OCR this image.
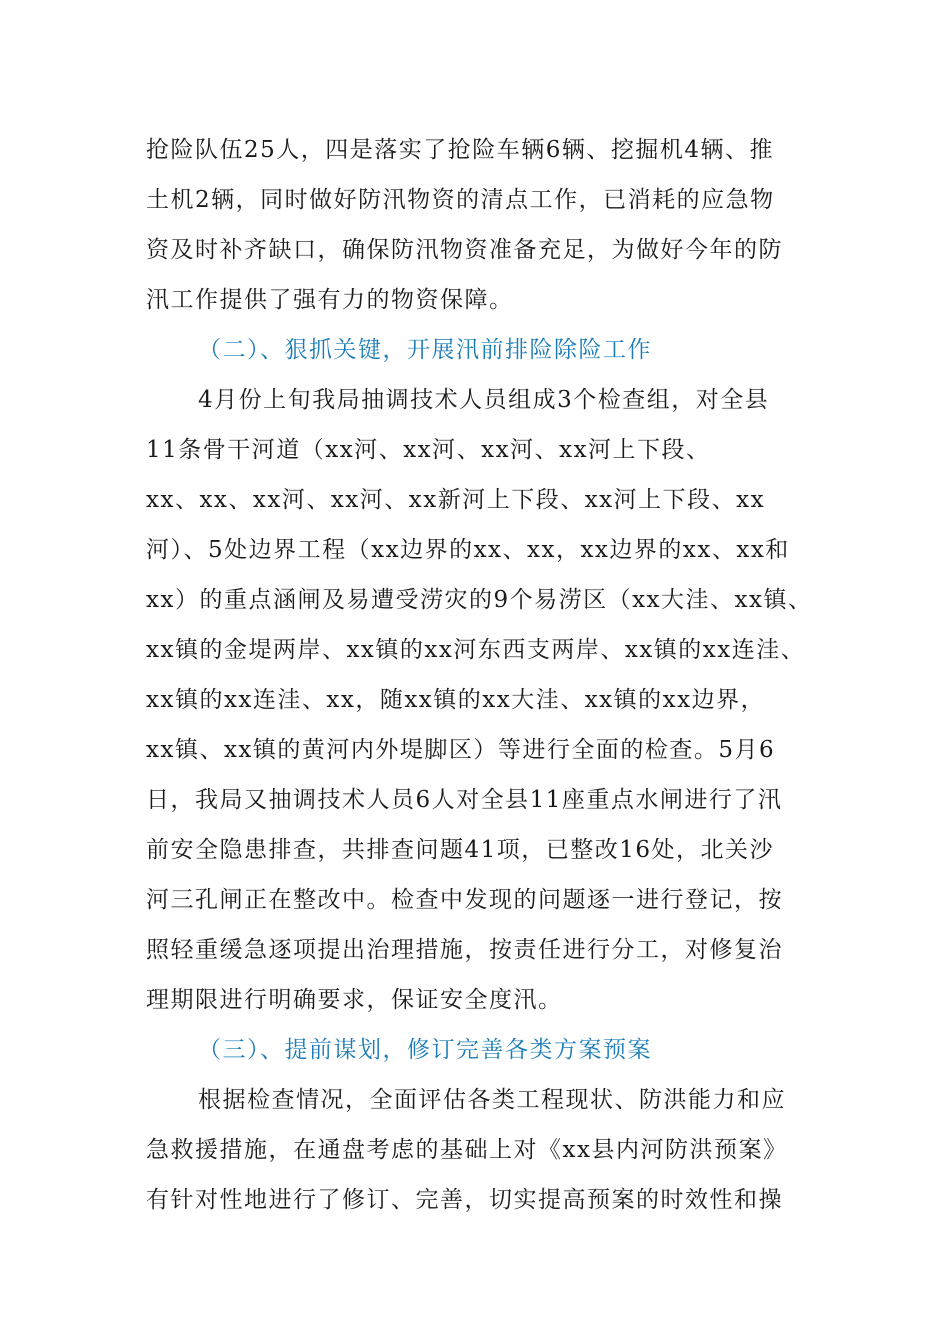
抢险队伍25人，四是落实了抢险车辆6辆、挖掘机4辆、推
土机2辆，同时做好防汛物资的清点工作，已消耗的应急物
资及时补齐缺口，确保防汛物资准备充足，为做好今年的防
汛工作提供了强有力的物资保障。
（二）、狠抓关键，开展汛前排险除险工作
4月份上旬我局抽调技术人员组成3个检查组，对全县
11条骨干河道（xx河、xx河、xx河、xx河上下段、
xx、xx、xx河、xx河、xx新河上下段、xx河上下段、xx
河）、5处边界工程（xx边界的xx、xx，xx边界的xx、xx和
xx）的重点涵闸及易遭受涝灾的9个易涝区（xx大洼、xx镇、
xx镇的金堤两岸、xx镇的xx河东西支两岸、xx镇的xx连洼、
xx镇的xx连洼、xx，随xx镇的xx大洼、xx镇的xx边界，
xx镇、xx镇的黄河内外堤脚区）等进行全面的检查。5月6
日，我局又抽调技术人员6人对全县11座重点水闸进行了汛
前安全隐患排查，共排查问题41项，已整改16处，北关沙
河三孔闸正在整改中。检查中发现的问题逐一进行登记，按
照轻重缓急逐项提出治理措施，按责任进行分工，对修复治
理期限进行明确要求，保证安全度汛。
（三）、提前谋划，修订完善各类方案预案
根据检查情况，全面评估各类工程现状、防洪能力和应
急救援措施，在通盘考虑的基础上对《xx县内河防洪预案》
有针对性地进行了修订、完善，切实提高预案的时效性和操
